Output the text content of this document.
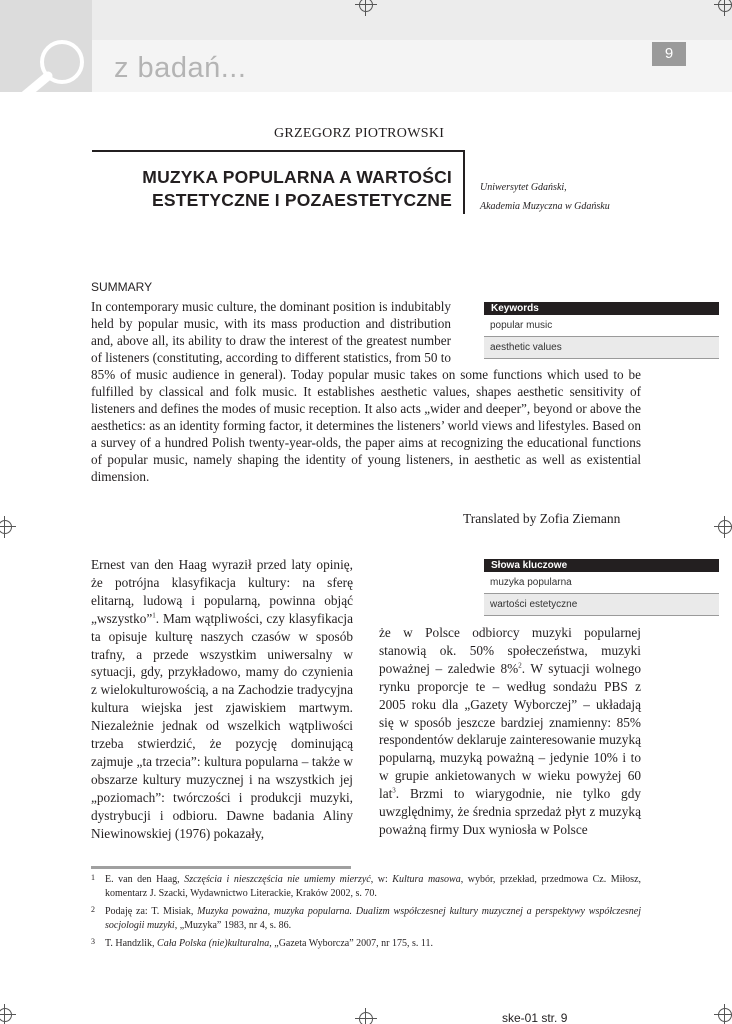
z badań...	9
GRZEGORZ PIOTROWSKI
MUZYKA POPULARNA A WARTOŚCI
ESTETYCZNE I POZAESTETYCZNE
Uniwersytet Gdański,
Akademia Muzyczna w Gdańsku
SUMMARY
In contemporary music culture, the dominant position is indubitably held by popular music, with its mass production and distribution and, above all, its ability to draw the interest of the greatest number of listeners (constituting, according to different statistics, from 50 to 85% of music audience in general). Today popular music takes on some functions which used to be fulfilled by classical and folk music. It establishes aesthetic values, shapes aesthetic sensitivity of listeners and defines the modes of music reception. It also acts „wider and deeper”, beyond or above the aesthetics: as an identity forming factor, it determines the listeners’ world views and lifestyles. Based on a survey of a hundred Polish twenty-year-olds, the paper aims at recognizing the educational functions of popular music, namely shaping the identity of young listeners, in aesthetic as well as existential dimension.
Keywords
popular music
aesthetic values
Translated by Zofia Ziemann
Słowa kluczowe
muzyka popularna
wartości estetyczne
Ernest van den Haag wyraził przed laty opinię, że potrójna klasyfikacja kultury: na sferę elitarną, ludową i popularną, powinna objąć „wszystko”$^1$. Mam wątpliwości, czy klasyfikacja ta opisuje kulturę naszych czasów w sposób trafny, a przede wszystkim uniwersalny w sytuacji, gdy, przykładowo, mamy do czynienia z wielokulturowością, a na Zachodzie tradycyjna kultura wiejska jest zjawiskiem martwym. Niezależnie jednak od wszelkich wątpliwości trzeba stwierdzić, że pozycję dominującą zajmuje „ta trzecia”: kultura popularna – także w obszarze kultury muzycznej i na wszystkich jej „poziomach”: twórczości i produkcji muzyki, dystrybucji i odbioru. Dawne badania Aliny Niewinowskiej (1976) pokazały,
że w Polsce odbiorcy muzyki popularnej stanowią ok. 50% społeczeństwa, muzyki poważnej – zaledwie 8%$^2$. W sytuacji wolnego rynku proporcje te – według sondażu PBS z 2005 roku dla „Gazety Wyborczej” – układają się w sposób jeszcze bardziej znamienny: 85% respondentów deklaruje zainteresowanie muzyką popularną, muzyką poważną – jedynie 10% i to w grupie ankietowanych w wieku powyżej 60 lat$^3$. Brzmi to wiarygodnie, nie tylko gdy uwzględnimy, że średnia sprzedaż płyt z muzyką poważną firmy Dux wyniosła w Polsce
1 E. van den Haag, Szczęścia i nieszczęścia nie umiemy mierzyć, w: Kultura masowa, wybór, przekład, przedmowa Cz. Miłosz, komentarz J. Szacki, Wydawnictwo Literackie, Kraków 2002, s. 70.
2 Podaję za: T. Misiak, Muzyka poważna, muzyka popularna. Dualizm współczesnej kultury muzycznej a perspektywy współczesnej socjologii muzyki, „Muzyka” 1983, nr 4, s. 86.
3 T. Handzlik, Cała Polska (nie)kulturalna, „Gazeta Wyborcza” 2007, nr 175, s. 11.
ske-01 str. 9
